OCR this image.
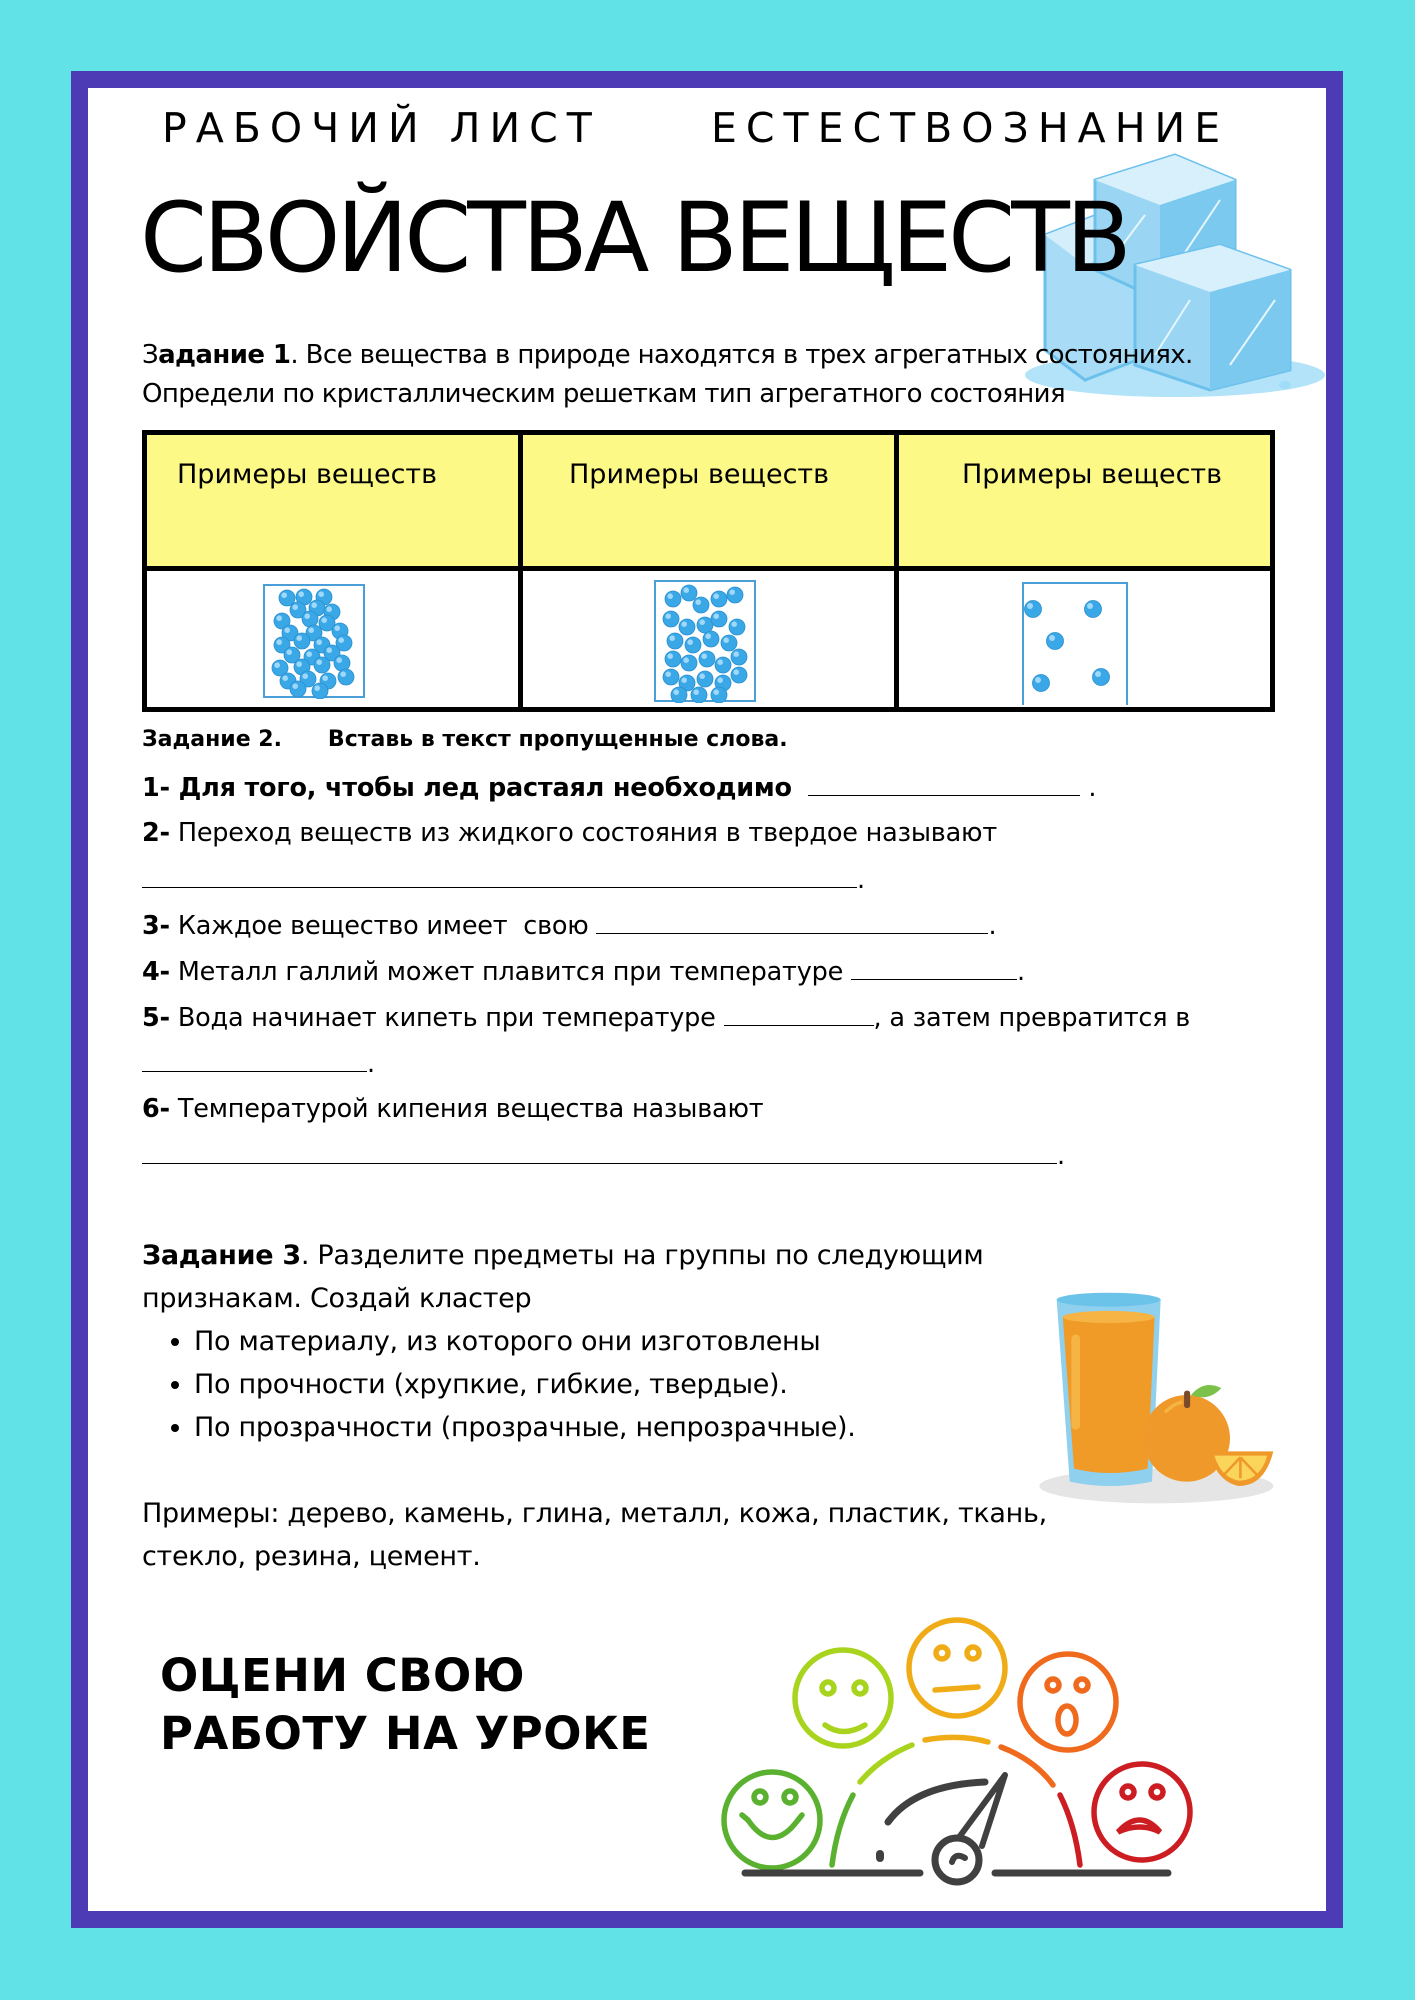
РАБОЧИЙ ЛИСТ	ЕСТЕСТВОЗНАНИЕ
СВОЙСТВА ВЕЩЕСТВ
Задание 1. Все вещества в природе находятся в трех агрегатных состояниях.
Определи по кристаллическим решеткам тип агрегатного состояния
Примеры веществ	Примеры веществ	Примеры веществ

Задание 2. Вставь в текст пропущенные слова.
1- Для того, чтобы лед растаял необходимо	.
2- Переход веществ из жидкого состояния в твердое называют
.
3- Каждое вещество имеет  свою	.
4- Металл галлий может плавится при температуре	.
5- Вода начинает кипеть при температуре	, а затем превратится в
.
6- Температурой кипения вещества называют
.
Задание 3. Разделите предметы на группы по следующим признакам. Создай кластер
• По материалу, из которого они изготовлены
• По прочности (хрупкие, гибкие, твердые).
• По прозрачности (прозрачные, непрозрачные).
Примеры: дерево, камень, глина, металл, кожа, пластик, ткань, стекло, резина, цемент.
ОЦЕНИ СВОЮ
РАБОТУ НА УРОКЕ
